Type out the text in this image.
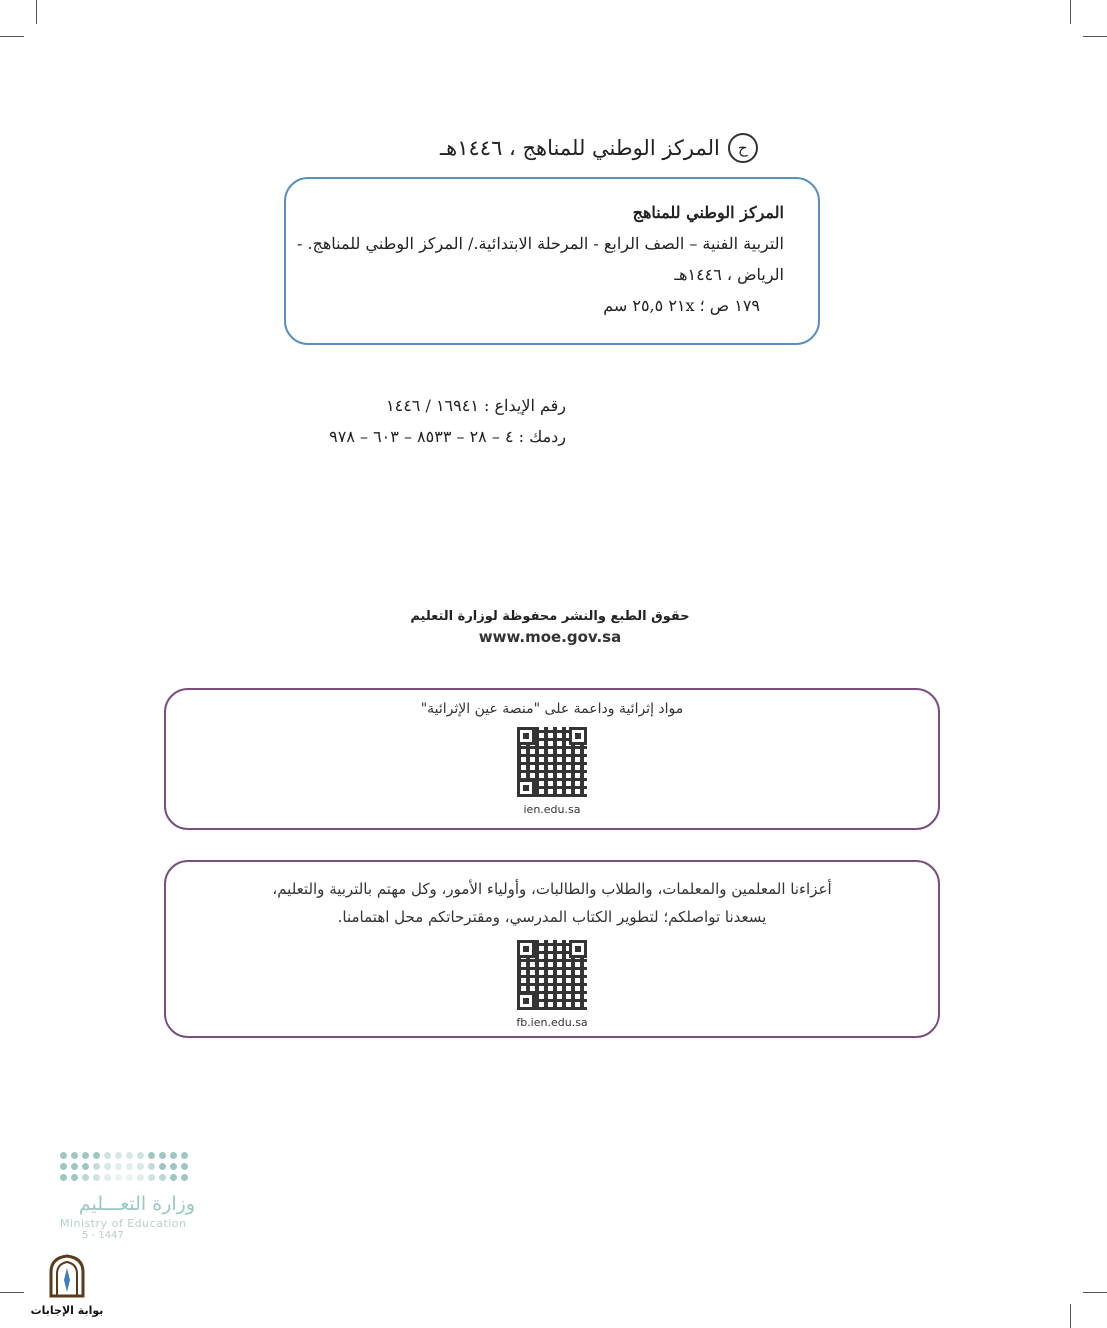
ح
المركز الوطني للمناهج ، ١٤٤٦هـ
المركز الوطني للمناهج
التربية الفنية – الصف الرابع - المرحلة الابتدائية./ المركز الوطني للمناهج. -
الرياض ، ١٤٤٦هـ
١٧٩ ص ؛ ٢١x ٢٥,٥ سم
رقم الإيداع : ١٦٩٤١ / ١٤٤٦
ردمك : ٤ – ٢٨ – ٨٥٣٣ – ٦٠٣ – ٩٧٨
حقوق الطبع والنشر محفوظة لوزارة التعليم
www.moe.gov.sa
مواد إثرائية وداعمة على "منصة عين الإثرائية"
ien.edu.sa
أعزاءنا المعلمين والمعلمات، والطلاب والطالبات، وأولياء الأمور، وكل مهتم بالتربية والتعليم،
يسعدنا تواصلكم؛ لتطوير الكتاب المدرسي، ومقترحاتكم محل اهتمامنا.
fb.ien.edu.sa
وزارة التعـــليم
Ministry of Education
5 - 1447
بوابة الإجابات
